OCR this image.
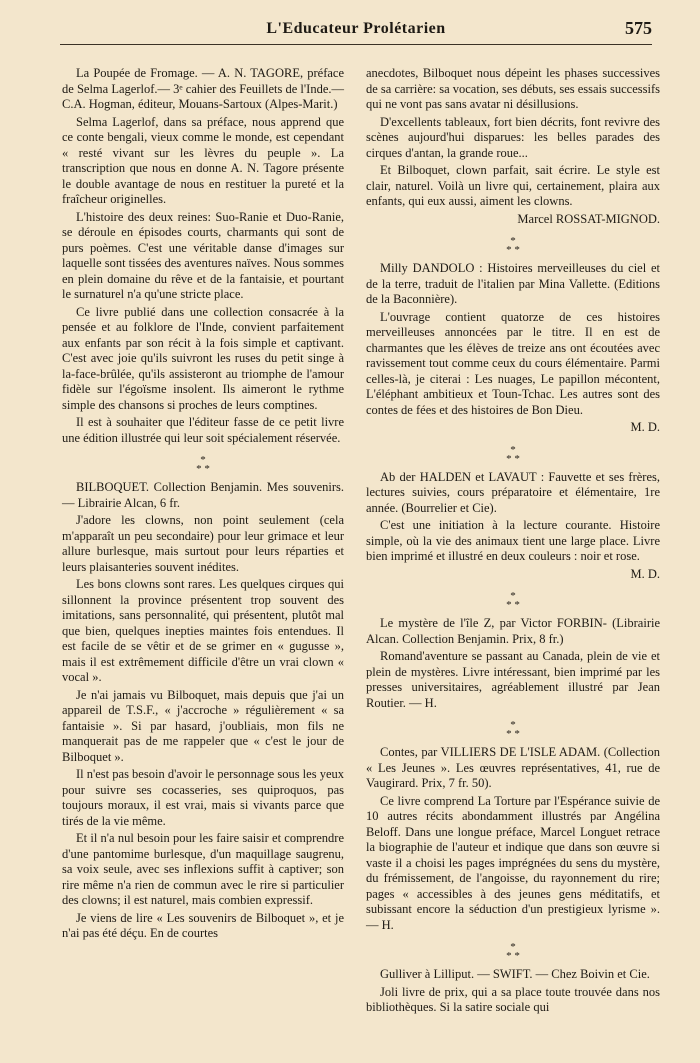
L'Educateur Prolétarien	575

La Poupée de Fromage. — A. N. TAGORE, préface de Selma Lagerlof.— 3ᵉ cahier des Feuillets de l'Inde.— C.A. Hogman, éditeur, Mouans-Sartoux (Alpes-Marit.)

Selma Lagerlof, dans sa préface, nous apprend que ce conte bengali, vieux comme le monde, est cependant « resté vivant sur les lèvres du peuple ». La transcription que nous en donne A. N. Tagore présente le double avantage de nous en restituer la pureté et la fraîcheur originelles.

L'histoire des deux reines: Suo-Ranie et Duo-Ranie, se déroule en épisodes courts, charmants qui sont de purs poèmes. C'est une véritable danse d'images sur laquelle sont tissées des aventures naïves. Nous sommes en plein domaine du rêve et de la fantaisie, et pourtant le surnaturel n'a qu'une stricte place.

Ce livre publié dans une collection consacrée à la pensée et au folklore de l'Inde, convient parfaitement aux enfants par son récit à la fois simple et captivant. C'est avec joie qu'ils suivront les ruses du petit singe à la-face-brûlée, qu'ils assisteront au triomphe de l'amour fidèle sur l'égoïsme insolent. Ils aimeront le rythme simple des chansons si proches de leurs comptines.

Il est à souhaiter que l'éditeur fasse de ce petit livre une édition illustrée qui leur soit spécialement réservée.

*
* *

BILBOQUET. Collection Benjamin. Mes souvenirs. — Librairie Alcan, 6 fr.

J'adore les clowns, non point seulement (cela m'apparaît un peu secondaire) pour leur grimace et leur allure burlesque, mais surtout pour leurs réparties et leurs plaisanteries souvent inédites.

Les bons clowns sont rares. Les quelques cirques qui sillonnent la province présentent trop souvent des imitations, sans personnalité, qui présentent, plutôt mal que bien, quelques inepties maintes fois entendues. Il est facile de se vêtir et de se grimer en « gugusse », mais il est extrêmement difficile d'être un vrai clown « vocal ».

Je n'ai jamais vu Bilboquet, mais depuis que j'ai un appareil de T.S.F., « j'accroche » régulièrement « sa fantaisie ». Si par hasard, j'oubliais, mon fils ne manquerait pas de me rappeler que « c'est le jour de Bilboquet ».

Il n'est pas besoin d'avoir le personnage sous les yeux pour suivre ses cocasseries, ses quiproquos, pas toujours moraux, il est vrai, mais si vivants parce que tirés de la vie même.

Et il n'a nul besoin pour les faire saisir et comprendre d'une pantomime burlesque, d'un maquillage saugrenu, sa voix seule, avec ses inflexions suffit à captiver; son rire même n'a rien de commun avec le rire si particulier des clowns; il est naturel, mais combien expressif.

Je viens de lire « Les souvenirs de Bilboquet », et je n'ai pas été déçu. En de courtes

anecdotes, Bilboquet nous dépeint les phases successives de sa carrière: sa vocation, ses débuts, ses essais successifs qui ne vont pas sans avatar ni désillusions.

D'excellents tableaux, fort bien décrits, font revivre des scènes aujourd'hui disparues: les belles parades des cirques d'antan, la grande roue...

Et Bilboquet, clown parfait, sait écrire. Le style est clair, naturel. Voilà un livre qui, certainement, plaira aux enfants, qui eux aussi, aiment les clowns.

Marcel ROSSAT-MIGNOD.

*
* *

Milly DANDOLO : Histoires merveilleuses du ciel et de la terre, traduit de l'italien par Mina Vallette. (Editions de la Baconnière).

L'ouvrage contient quatorze de ces histoires merveilleuses annoncées par le titre. Il en est de charmantes que les élèves de treize ans ont écoutées avec ravissement tout comme ceux du cours élémentaire. Parmi celles-là, je citerai : Les nuages, Le papillon mécontent, L'éléphant ambitieux et Toun-Tchac. Les autres sont des contes de fées et des histoires de Bon Dieu.

M. D.

*
* *

Ab der HALDEN et LAVAUT : Fauvette et ses frères, lectures suivies, cours préparatoire et élémentaire, 1re année. (Bourrelier et Cie).

C'est une initiation à la lecture courante. Histoire simple, où la vie des animaux tient une large place. Livre bien imprimé et illustré en deux couleurs : noir et rose.

M. D.

*
* *

Le mystère de l'île Z, par Victor FORBIN- (Librairie Alcan. Collection Benjamin. Prix, 8 fr.)

Romand'aventure se passant au Canada, plein de vie et plein de mystères. Livre intéressant, bien imprimé par les presses universitaires, agréablement illustré par Jean Routier. — H.

*
* *

Contes, par VILLIERS DE L'ISLE ADAM. (Collection « Les Jeunes ». Les œuvres représentatives, 41, rue de Vaugirard. Prix, 7 fr. 50).

Ce livre comprend La Torture par l'Espérance suivie de 10 autres récits abondamment illustrés par Angélina Beloff. Dans une longue préface, Marcel Longuet retrace la biographie de l'auteur et indique que dans son œuvre si vaste il a choisi les pages imprégnées du sens du mystère, du frémissement, de l'angoisse, du rayonnement du rire; pages « accessibles à des jeunes gens méditatifs, et subissant encore la séduction d'un prestigieux lyrisme ». — H.

*
* *

Gulliver à Lilliput. — SWIFT. — Chez Boivin et Cie.

Joli livre de prix, qui a sa place toute trouvée dans nos bibliothèques. Si la satire sociale qui
